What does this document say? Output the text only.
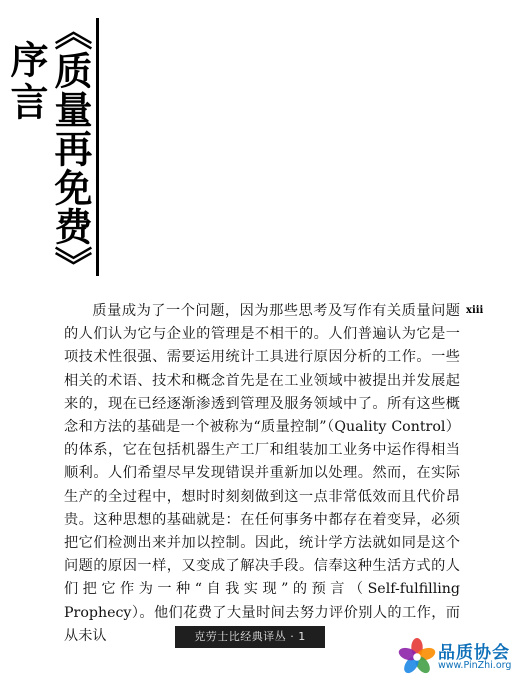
《质量再免费》
序言
xiii

质量成为了一个问题，因为那些思考及写作有关质量问题的人们认为它与企业的管理是不相干的。人们普遍认为它是一项技术性很强、需要运用统计工具进行原因分析的工作。一些相关的术语、技术和概念首先是在工业领域中被提出并发展起来的，现在已经逐渐渗透到管理及服务领域中了。所有这些概念和方法的基础是一个被称为“质量控制”（Quality Control）的体系，它在包括机器生产工厂和组装加工业务中运作得相当顺利。人们希望尽早发现错误并重新加以处理。然而，在实际生产的全过程中，想时时刻刻做到这一点非常低效而且代价昂贵。这种思想的基础就是：在任何事务中都存在着变异，必须把它们检测出来并加以控制。因此，统计学方法就如同是这个问题的原因一样，又变成了解决手段。信奉这种生活方式的人们把它作为一种“自我实现”的预言（Self-fulfilling Prophecy）。他们花费了大量时间去努力评价别人的工作，而从未认	克劳士比经典译丛 · 1
品质协会
www.PinZhi.org
